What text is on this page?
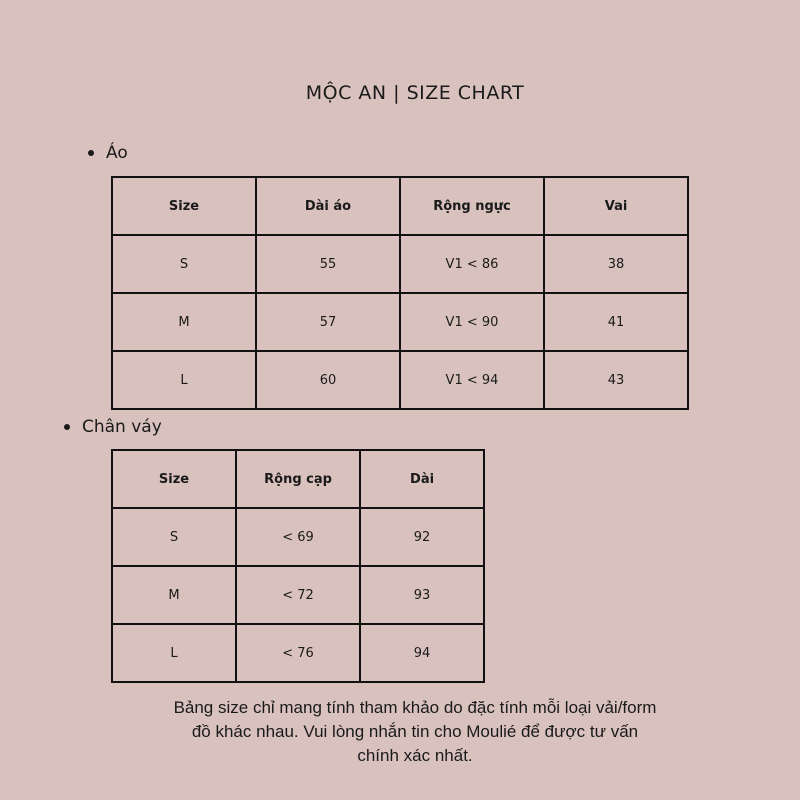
MỘC AN | SIZE CHART
Áo
Size	Dài áo	Rộng ngực	Vai
S	55	V1 < 86	38
M	57	V1 < 90	41
L	60	V1 < 94	43
Chân váy
Size	Rộng cạp	Dài
S	< 69	92
M	< 72	93
L	< 76	94
Bảng size chỉ mang tính tham khảo do đặc tính mỗi loại vải/form
đồ khác nhau. Vui lòng nhắn tin cho Moulié để được tư vấn
chính xác nhất.
